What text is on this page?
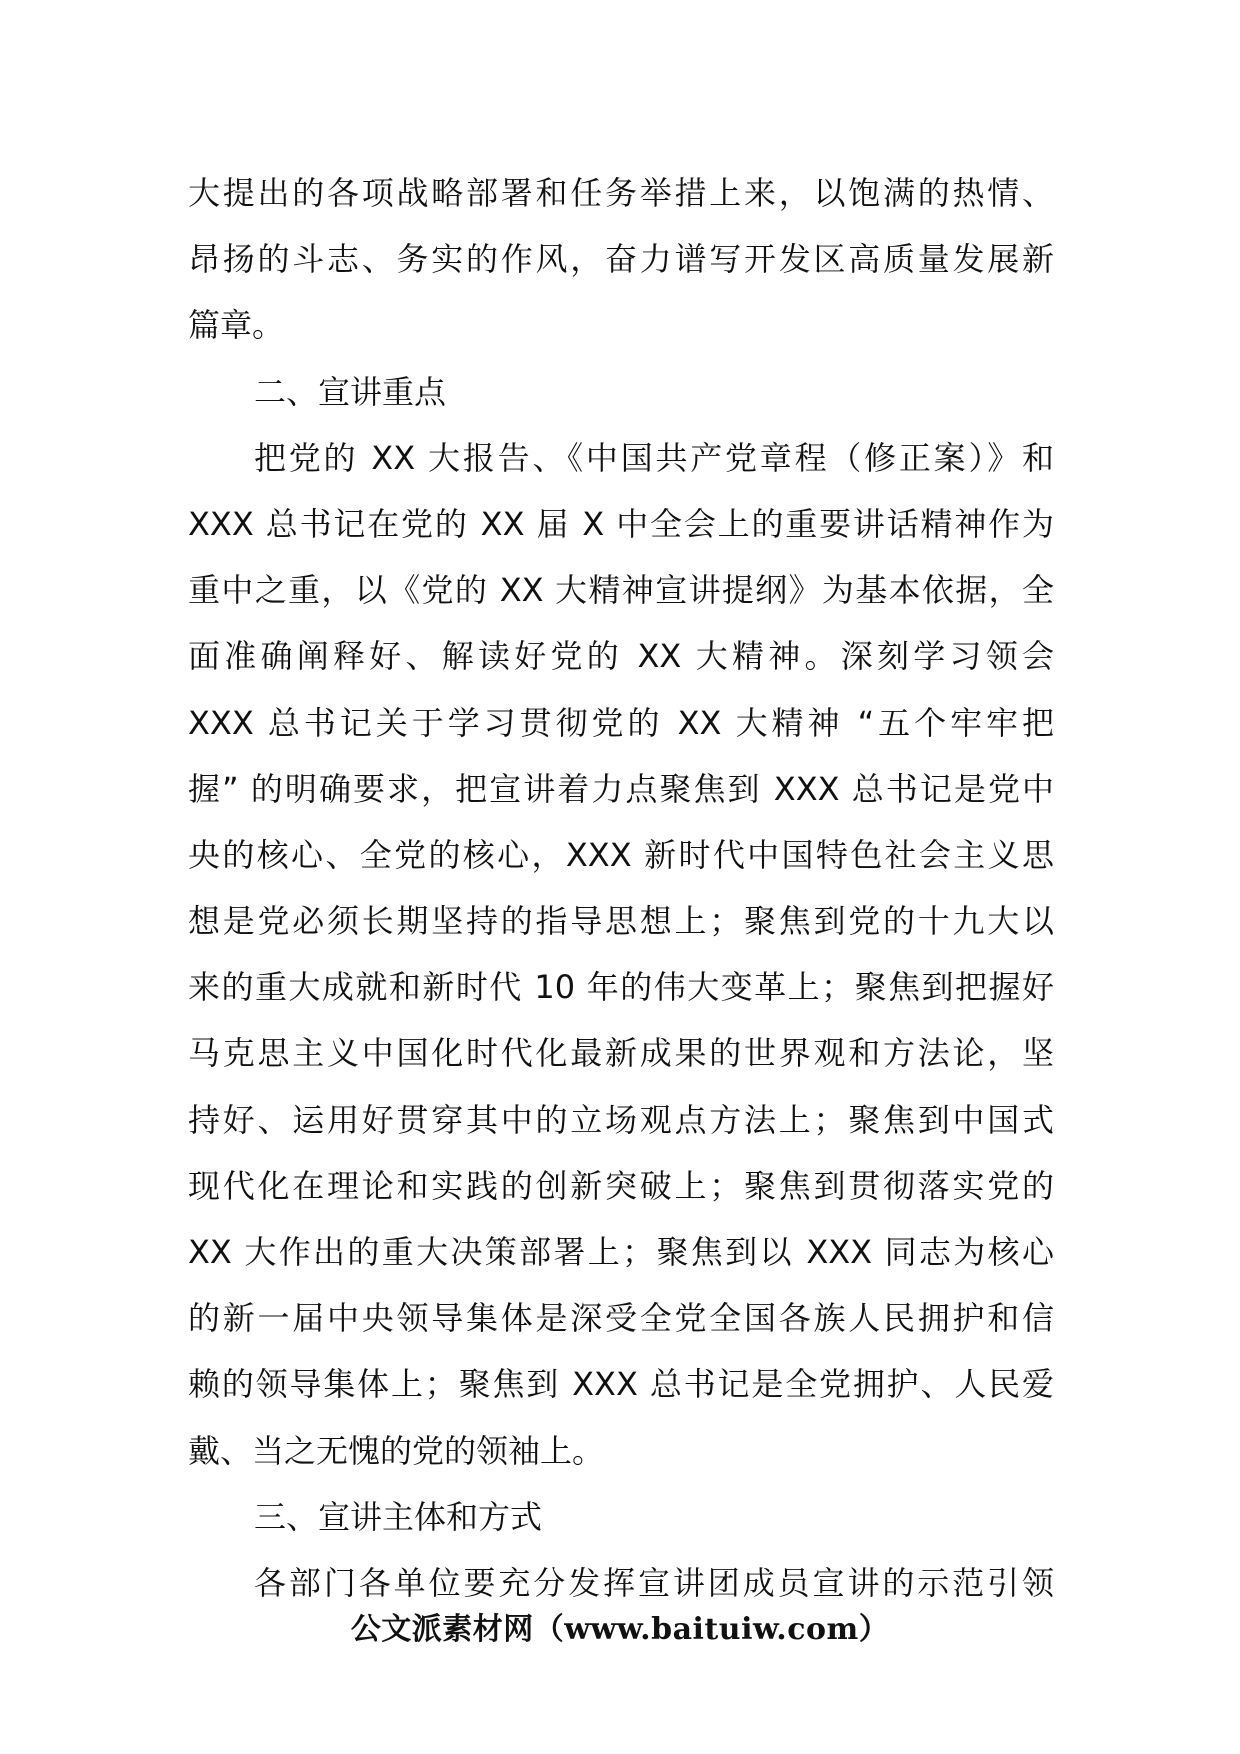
大提出的各项战略部署和任务举措上来，以饱满的热情、
昂扬的斗志、务实的作风，奋力谱写开发区高质量发展新
篇章。
二、宣讲重点
把党的 XX 大报告、《中国共产党章程（修正案）》和
XXX 总书记在党的 XX 届 X 中全会上的重要讲话精神作为
重中之重，以《党的 XX 大精神宣讲提纲》为基本依据，全
面准确阐释好、解读好党的 XX 大精神。深刻学习领会
XXX 总书记关于学习贯彻党的 XX 大精神 “五个牢牢把
握” 的明确要求，把宣讲着力点聚焦到 XXX 总书记是党中
央的核心、全党的核心，XXX 新时代中国特色社会主义思
想是党必须长期坚持的指导思想上；聚焦到党的十九大以
来的重大成就和新时代 10 年的伟大变革上；聚焦到把握好
马克思主义中国化时代化最新成果的世界观和方法论，坚
持好、运用好贯穿其中的立场观点方法上；聚焦到中国式
现代化在理论和实践的创新突破上；聚焦到贯彻落实党的
XX 大作出的重大决策部署上；聚焦到以 XXX 同志为核心
的新一届中央领导集体是深受全党全国各族人民拥护和信
赖的领导集体上；聚焦到 XXX 总书记是全党拥护、人民爱
戴、当之无愧的党的领袖上。
三、宣讲主体和方式
各部门各单位要充分发挥宣讲团成员宣讲的示范引领
公文派素材网（www.baituiw.com）
